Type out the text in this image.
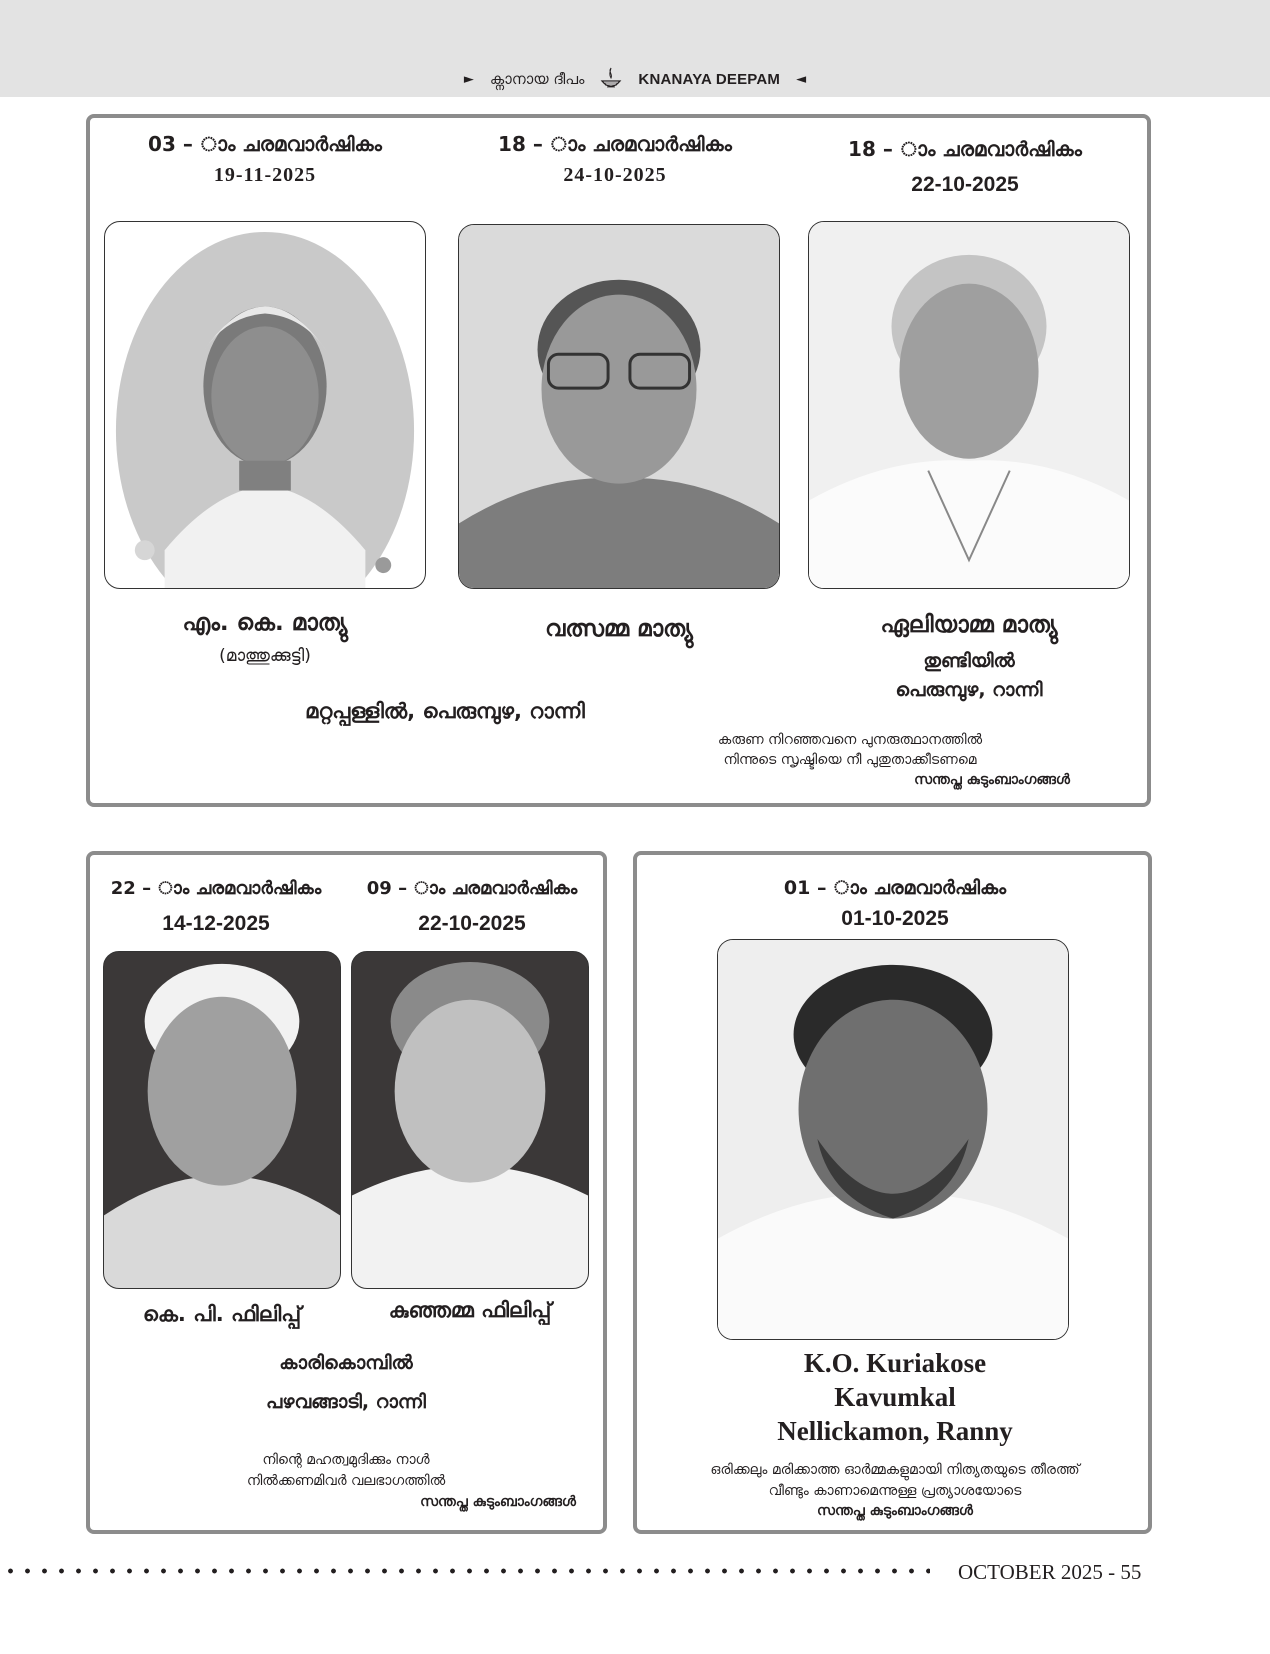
► ക്നാനായ ദീപം	KNANAYA DEEPAM ◄
03 – ാം ചരമവാർഷികം
19-11-2025
18 – ാം ചരമവാർഷികം
24-10-2025
18 – ാം ചരമവാർഷികം
22-10-2025
എം. കെ. മാത്യു
(മാത്തുക്കുട്ടി)
വത്സമ്മ മാത്യു	ഏലിയാമ്മ മാത്യു
തുണ്ടിയിൽ
പെരുമ്പുഴ, റാന്നി
മറ്റപ്പള്ളിൽ, പെരുമ്പുഴ, റാന്നി
കരുണ നിറഞ്ഞവനെ പുനരുത്ഥാനത്തിൽ
നിന്നുടെ സൃഷ്ടിയെ നീ പുതുതാക്കീടണമെ
സന്തപ്ത കുടുംബാംഗങ്ങൾ
22 – ാം ചരമവാർഷികം
14-12-2025
09 – ാം ചരമവാർഷികം
22-10-2025
കെ. പി. ഫിലിപ്പ്	കുഞ്ഞമ്മ ഫിലിപ്പ്
കാരികൊമ്പിൽ
പഴവങ്ങാടി, റാന്നി
നിന്റെ മഹത്വമുദിക്കും നാൾ
നിൽക്കണമിവർ വലഭാഗത്തിൽ
സന്തപ്ത കുടുംബാംഗങ്ങൾ
01 – ാം ചരമവാർഷികം
01-10-2025
K.O. Kuriakose
Kavumkal
Nellickamon, Ranny
ഒരിക്കലും മരിക്കാത്ത ഓർമ്മകളുമായി നിത്യതയുടെ തീരത്ത്
വീണ്ടും കാണാമെന്നുള്ള പ്രത്യാശയോടെ
സന്തപ്ത കുടുംബാംഗങ്ങൾ
OCTOBER 2025 - 55
